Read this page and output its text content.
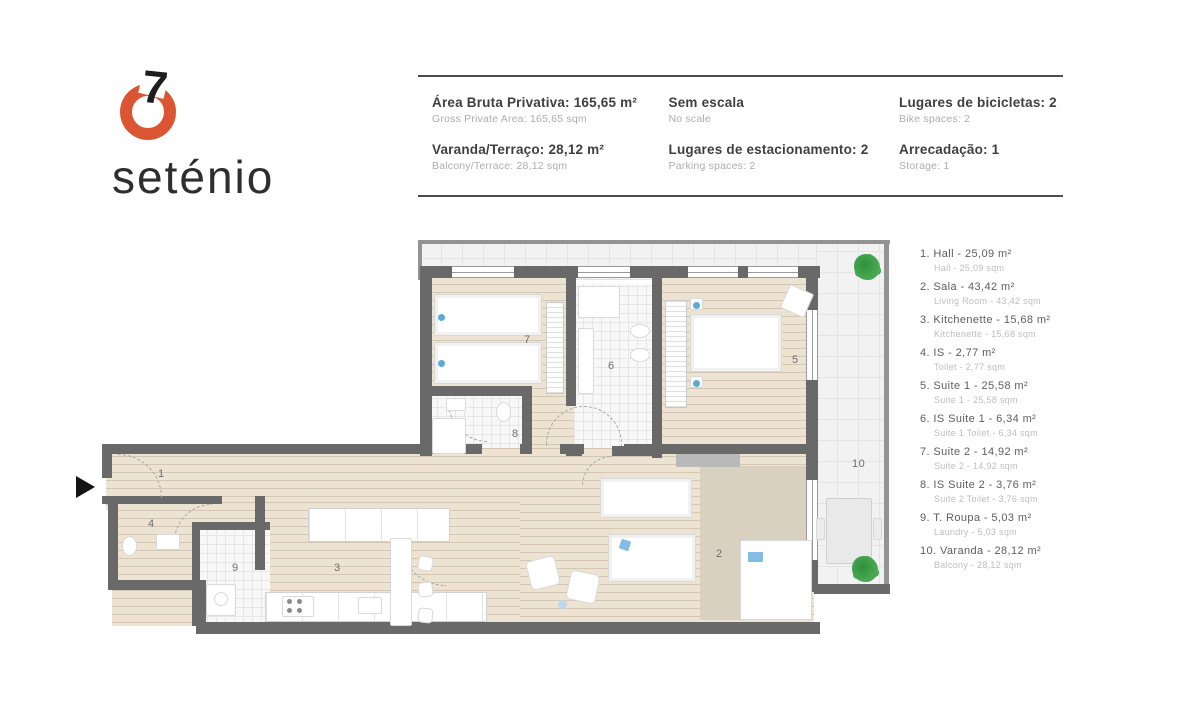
7
seténio
Área Bruta Privativa: 165,65 m²
Gross Private Area: 165,65 sqm
Varanda/Terraço: 28,12 m²
Balcony/Terrace: 28,12 sqm
Sem escala
No scale
Lugares de estacionamento: 2
Parking spaces: 2
Lugares de bicicletas: 2
Bike spaces: 2
Arrecadação: 1
Storage: 1
1. Hall - 25,09 m²
Hall - 25,09 sqm
2. Sala - 43,42 m²
Living Room - 43,42 sqm
3. Kitchenette - 15,68 m²
Kitchenette - 15,68 sqm
4. IS - 2,77 m²
Toilet - 2,77 sqm
5. Suite 1 - 25,58 m²
Suite 1 - 25,58 sqm
6. IS Suite 1 - 6,34 m²
Suite 1 Toilet - 6,34 sqm
7. Suite 2 - 14,92 m²
Suite 2 - 14,92 sqm
8. IS Suite 2 - 3,76 m²
Suite 2 Toilet - 3,76 sqm
9. T. Roupa - 5,03 m²
Laundry - 5,03 sqm
10. Varanda - 28,12 m²
Balcony - 28,12 sqm
1
2
3
4
5
6
7
8
9
10
